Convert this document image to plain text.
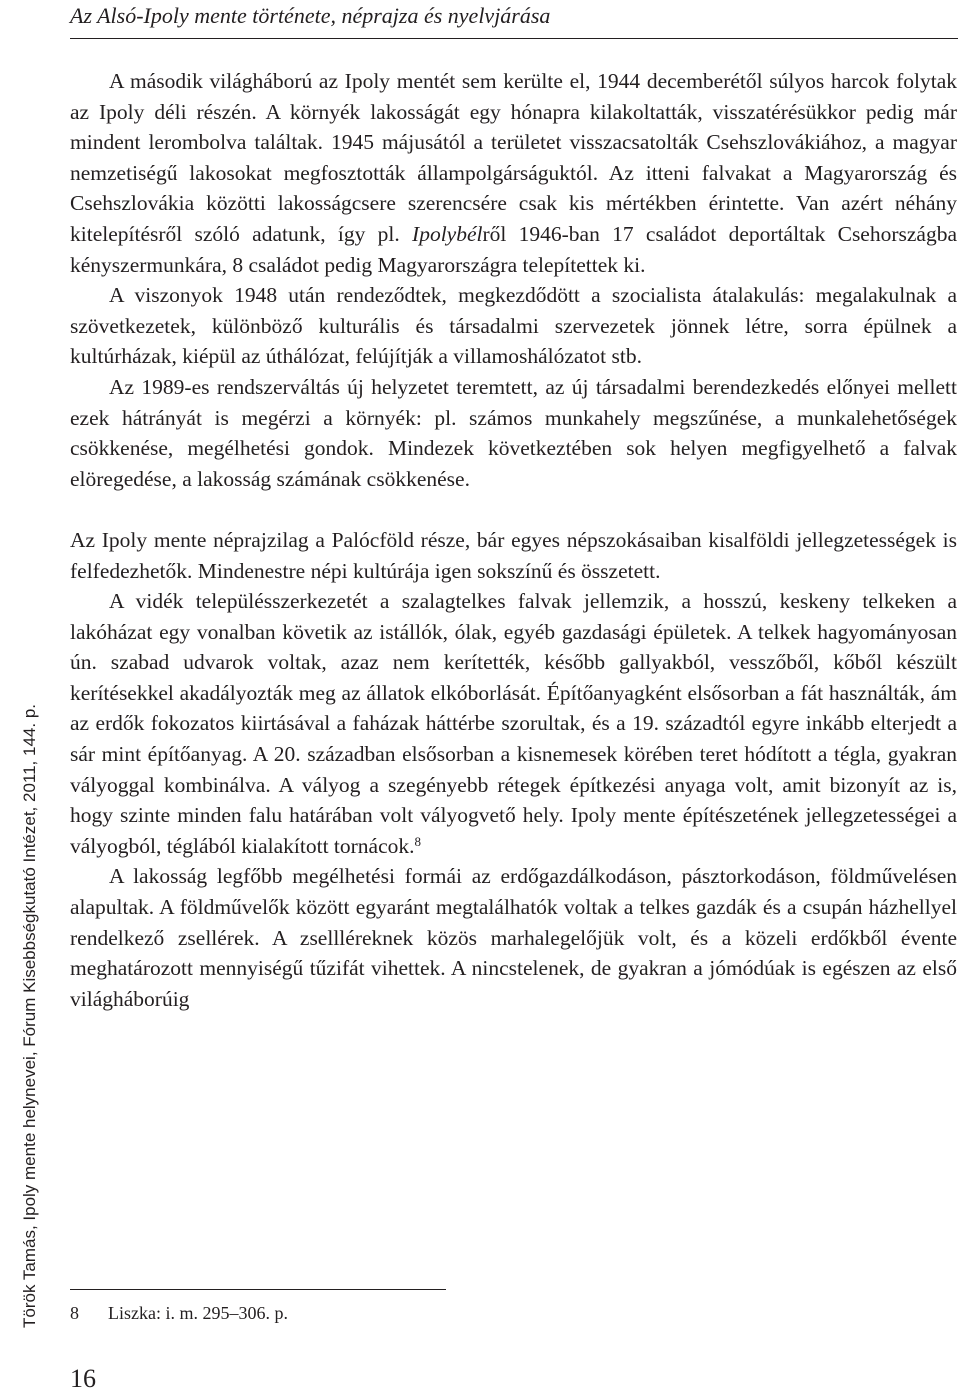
Az Alsó-Ipoly mente története, néprajza és nyelvjárása
Török Tamás, Ipoly mente helynevei, Fórum Kisebbségkutató Intézet, 2011, 144. p.

A második világháború az Ipoly mentét sem kerülte el, 1944 decemberétől súlyos harcok folytak az Ipoly déli részén. A környék lakosságát egy hónapra kilakoltatták, visszatérésükkor pedig már mindent lerombolva találtak. 1945 májusától a területet visszacsatolták Csehszlovákiához, a magyar nemzetiségű lakosokat megfosztották állampolgárságuktól. Az itteni falvakat a Magyarország és Csehszlovákia közötti lakosságcsere szerencsére csak kis mértékben érintette. Van azért néhány kitelepítésről szóló adatunk, így pl. Ipolybélről 1946-ban 17 családot deportáltak Csehországba kényszermunkára, 8 családot pedig Magyarországra telepítettek ki.

A viszonyok 1948 után rendeződtek, megkezdődött a szocialista átalakulás: megalakulnak a szövetkezetek, különböző kulturális és társadalmi szervezetek jönnek létre, sorra épülnek a kultúrházak, kiépül az úthálózat, felújítják a villamoshálózatot stb.

Az 1989-es rendszerváltás új helyzetet teremtett, az új társadalmi berendezkedés előnyei mellett ezek hátrányát is megérzi a környék: pl. számos munkahely megszűnése, a munkalehetőségek csökkenése, megélhetési gondok. Mindezek következtében sok helyen megfigyelhető a falvak elöregedése, a lakosság számának csökkenése.

Az Ipoly mente néprajzilag a Palócföld része, bár egyes népszokásaiban kisalföldi jellegzetességek is felfedezhetők. Mindenestre népi kultúrája igen sokszínű és összetett.

A vidék településszerkezetét a szalagtelkes falvak jellemzik, a hosszú, keskeny telkeken a lakóházat egy vonalban követik az istállók, ólak, egyéb gazdasági épületek. A telkek hagyományosan ún. szabad udvarok voltak, azaz nem kerítették, később gallyakból, vesszőből, kőből készült kerítésekkel akadályozták meg az állatok elkóborlását. Építőanyagként elsősorban a fát használták, ám az erdők fokozatos kiirtásával a faházak háttérbe szorultak, és a 19. századtól egyre inkább elterjedt a sár mint építőanyag. A 20. században elsősorban a kisnemesek körében teret hódított a tégla, gyakran vályoggal kombinálva. A vályog a szegényebb rétegek építkezési anyaga volt, amit bizonyít az is, hogy szinte minden falu határában volt vályogvető hely. Ipoly mente építészetének jellegzetességei a vályogból, téglából kialakított tornácok.$^8$

A lakosság legfőbb megélhetési formái az erdőgazdálkodáson, pásztorkodáson, földművelésen alapultak. A földművelők között egyaránt megtalálhatók voltak a telkes gazdák és a csupán házhellyel rendelkező zsellérek. A zsellléreknek közös marhalegelőjük volt, és a közeli erdőkből évente meghatározott mennyiségű tűzifát vihettek. A nincstelenek, de gyakran a jómódúak is egészen az első világháborúig

8 Liszka: i. m. 295–306. p.
16
